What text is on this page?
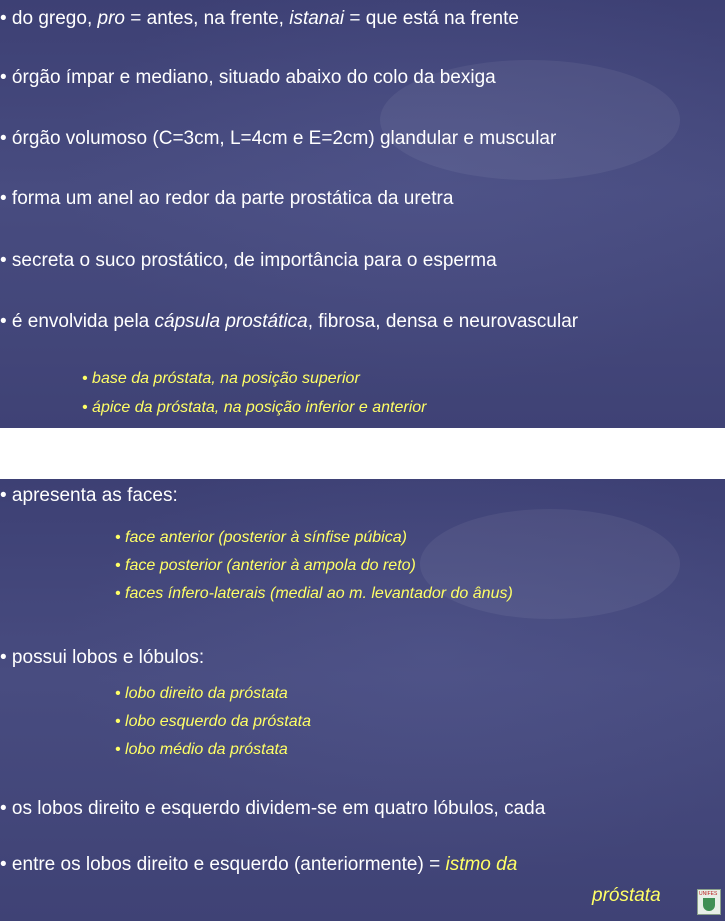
• do grego, pro = antes, na frente, istanai = que está na frente
• órgão ímpar e mediano, situado abaixo do colo da bexiga
• órgão volumoso (C=3cm, L=4cm e E=2cm) glandular e muscular
• forma um anel ao redor da parte prostática da uretra
• secreta o suco prostático, de importância para o esperma
• é envolvida pela cápsula prostática, fibrosa, densa e neurovascular
• base da próstata, na posição superior
• ápice da próstata, na posição inferior e anterior
• apresenta as faces:
• face anterior (posterior à sínfise púbica)
• face posterior (anterior à ampola do reto)
• faces ínfero-laterais (medial ao m. levantador do ânus)
• possui lobos e lóbulos:
• lobo direito da próstata
• lobo esquerdo da próstata
• lobo médio da próstata
• os lobos direito e esquerdo dividem-se em quatro lóbulos, cada
• entre os lobos direito e esquerdo (anteriormente) = istmo da
próstata	UNIFES
